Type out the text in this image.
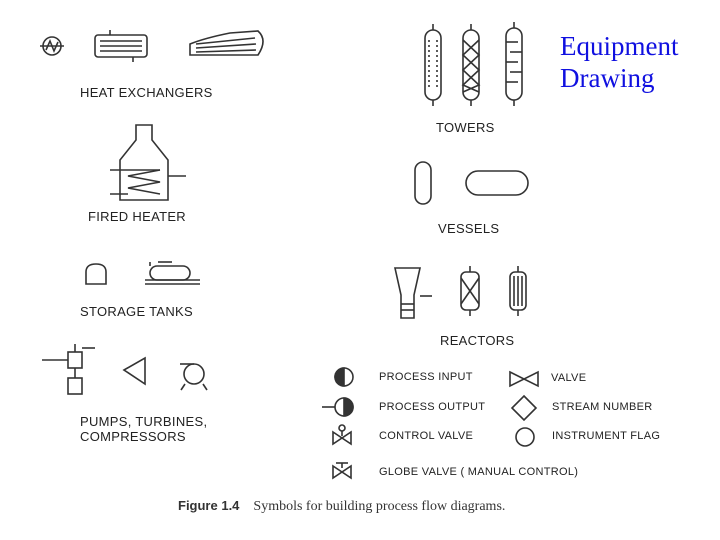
Equipment
Drawing
HEAT EXCHANGERS
TOWERS
FIRED HEATER
VESSELS
STORAGE TANKS
REACTORS
PUMPS, TURBINES,
COMPRESSORS
PROCESS INPUT
PROCESS OUTPUT
CONTROL VALVE
GLOBE VALVE ( MANUAL CONTROL)
VALVE
STREAM NUMBER
INSTRUMENT FLAG
Figure 1.4 Symbols for building process flow diagrams.
